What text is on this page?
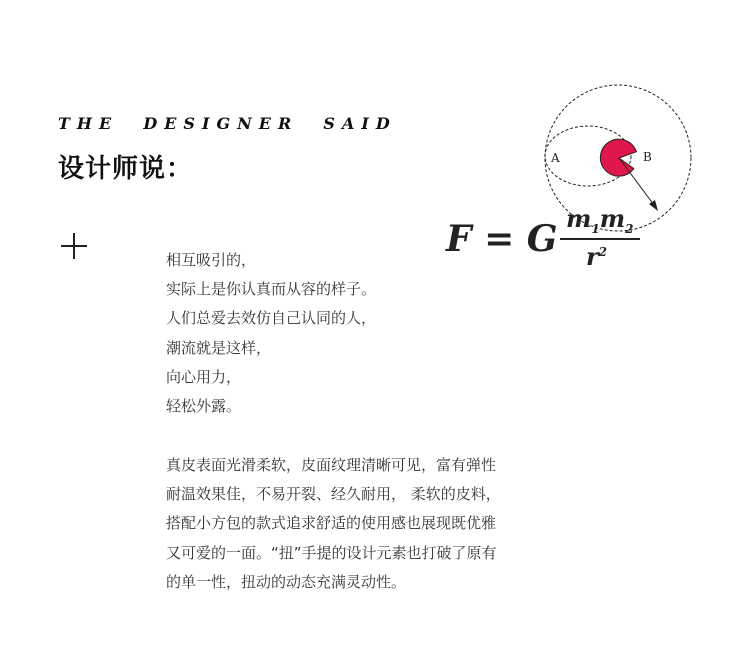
THE  DESIGNER  SAID
设计师说：
相互吸引的，
实际上是你认真而从容的样子。
人们总爱去效仿自己认同的人，
潮流就是这样，
向心用力，
轻松外露。
真皮表面光滑柔软，皮面纹理清晰可见，富有弹性
耐温效果佳，不易开裂、经久耐用， 柔软的皮料，
搭配小方包的款式追求舒适的使用感也展现既优雅
又可爱的一面。“扭”手提的设计元素也打破了原有
的单一性，扭动的动态充满灵动性。
F = G $m_1m_2$
$r^2$
A	B
